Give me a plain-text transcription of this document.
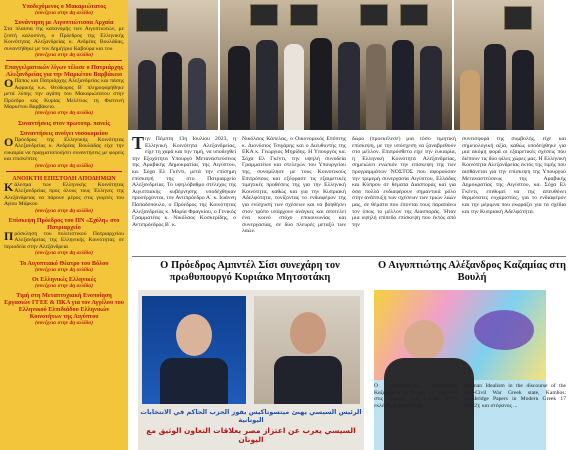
Υποδεχόμενος ο Μακαριώτατος
(συνέχεια στην 4η σελίδα)
Συνάντηση με Αιγυπτιώτισσα Αρχαία
Στα πλαίσια της κατανομής των Αιγυπτιωτών, με ζεστή καλοσύνη, ο Πρόεδρος της Ελληνικής Κοινότητας Αλεξανδρείας κ. Ανδρέας Βουλάδας, συναντήθηκε με τον Δημήτριο Καβούρα και του
(συνέχεια στην 4η σελίδα)
Επαγγελματικών λίγων τέλεσε ο Πατριάρχης Αλεξανδρείας για την Μαρκέτου Βαρβάκειο
Ο Πάπας και Πατριάρχης Αλεξανδρείας και πάσης Αφρικής κ.κ. Θεόδωρος Β΄ πληροφορήθηκε μετά λύπης την αγάπη του Μακαριώτατου στην Πρόεδρο κας Κυρίας Μελέτιος τη Φωτεινή Μαρκέτου Βαρβάκειο.
(συνέχεια στην 4η σελίδα)
Συναντήσεις στον πρωτοπρ. πανείς
Συναντήσεις ανοίγει νοσοκομείου
Ο Πρόεδρος της Ελληνικής Κοινότητας Αλεξανδρείας κ. Ανδρέας Βουλάδας είχε την ευκαιρία να πραγματοποιήσει συναντήσεις με φορείς και επισκέπτες
(συνέχεια στην 4η σελίδα)
ΑΝΟΙΚΤΗ ΕΠΙΣΤΟΛΗ ΑΠΟΔΗΜΩΝ
Κάλεσμα των Ελληνικής Κοινότητας Αλεξανδρείας προς όλους τους Έλληνες της Αλεξάνδρειας να πάρουν μέρος στις γιορτές του Αγίου Μάρκου
(συνέχεια στην 4η σελίδα)
Επίσκεψη Πρόεδρος του ΠΝ «Σχόλη» στο Πατριαρχείο
Πρόσκληση του πολιτιστικού Πατριαρχείου Αλεξανδρείας της Ελληνικής Κοινότητας σε περιοδεία στην Αλεξάνδρεια
(συνέχεια στην 4η σελίδα)
Το Αιγυπτιακό Θέατρο του Βόλου
(συνέχεια στην 4η σελίδα)
Οι Ελληνικές Ελληνικές
(συνέχεια στην 4η σελίδα)
Τιμή στη Μεταπτυχιακή Ενοποίηση Εργασιών ΓΓΕΕ & ΠΚΑ για τον Αγγέλου του Ελληνικού Ελπιδιάδου Ελληνικών Κοινοτήτων της Αιγύπτου
(συνέχεια στην 4η σελίδα)
Την Πέμπτη 13η Ιουλίου 2023, η Ελληνική Κοινότητα Αλεξανδρείας, είχε τη χαρά και την τιμή, να υποδεχθεί την Εξοχότητα Υπουργό Μεταναστεύσεως της Αραβικής Δημοκρατίας της Αιγύπτου, κα. Σόχα Ελ Γκέντι, μετά την επίσημη επίσκεψή της στο Πατριαρχείο Αλεξανδρείας. Το υψηλόβαθμο στέλεχος της Αιγυπτιακής κυβέρνησης υποδέχθηκαν προσέρχονται, τον Αντιπρόεδρο Α΄ κ. Ιωάννη Παπαδόπουλο, ο Πρόεδρος της Κοινότητας Αλεξανδρείας κ. Μαρία Φραγκίου, ο Γενικός Γραμματέας κ. Νικόλαος Κοσκερίδης, ο Αντιπρόεδρος Β΄ κ.
Νικόλαος Κάπελας, ο Οικονομικός Επόπτης κ. Διονύσιος Τσιγάρης και ο Διευθυντής της ΕΚΑ κ. Γεώργιος Μηρίδης. Η Υπουργός κα. Σόχα Ελ Γκέντι, την υψηλή συνοδεία Γραμματέων και στελεχών του Υπουργείου της, συνομίλησε με τους Κοινοτικούς Επιτρόπους και εξέφρασε τις εξαιρετικές τιμητικές προθέσεις της για την Ελληνική Κοινότητα, καθώς και για την Κυπριακή Αδελφότητα, τονίζοντας το ενδιαφέρον της για ενίσχυση των σχέσεων και να βοηθήσει στον τρόπο υπάρχουν ανάγκες και αποτελεί ένα κοινό στόχο επικοινωνίας και συνεργασίας, σε δύο πλευρές μεταξύ των λαών.
δώρο (προεκέλεσε) μια τόσο τιμητική επίσκεψη, με την υπόσχεση να ξαναβρεθούν στο μέλλον. Επιπρόσθετα είχε την ευκαιρία, η Ελληνική Κοινότητα Αλεξανδρείας, σημειώνει ενώπιόν την επίσκεψη της των προγραμμάτων ΝΟΣΤΟΣ που αφορούσαν την τριμερή συνεργασία Αιγύπτου, Ελλάδας και Κύπρου σε θέματα Διασποράς και για όσα πολλά ενδιαφέρουν σημαντικά ρόλο στην ανάπτυξη των σχέσεων των τριών λαών μας, σε θέματα που έπονται τους παραπάνω τον όπως το μέλλον της Διασποράς. Ήταν μια υψηλή επίπεδο επίσκεψη που έκτός από την
συνεισφορά της συμβολής, είχε και σημειολογική αξία, καθώς υποδείχθηκε για μια ακόμη φορά οι εξαιρετικές σχέσεις που διέπουν τις δύο φίλες χώρες μας. Η Ελληνική Κοινότητα Αλεξανδρείας εκτός της τιμής που αισθάνεται για την επίσκεψη της Υπουργού Μεταναστεύσεως της Αραβικής Δημοκρατίας της Αιγύπτου, κα. Σόχα Ελ Γκέντι, επιθυμεί να της απευθύνει θερμότατες ευχαριστίες, για το ενδιαφέρον και την μέριμνα που εκφράζει για τα σχέδια και την Κυπριακή Αδελφότητα.
Ο Πρόεδρος Αμπντέλ Σίσι συνεχάρη τον πρωθυπουργό Κυριάκο Μητσοτάκη
Ο Αιγυπτιώτης Αλέξανδρος Καζαμίας στη Βουλή
الرئيس السيسي يهنئ ميتسوتاكيس بفوز الحزب الحاكم في الانتخابات اليونانية
السيسي يعرب عن اعتزاز مصر بعلاقات التعاون الوثيق مع اليونان
Ο Αιγυπτιώτης Αλέξανδρος Καζαμίας στην Βουλή των Ελλήνων στις εκλογές του Ιουνίου 2023, εκλέχθηκε βουλευτής ...
German Idealism in the discourse of the post-Civil War Greek state, Kambos: Cambridge Papers in Modern Greek 17 (2012); και στέφανος ...
